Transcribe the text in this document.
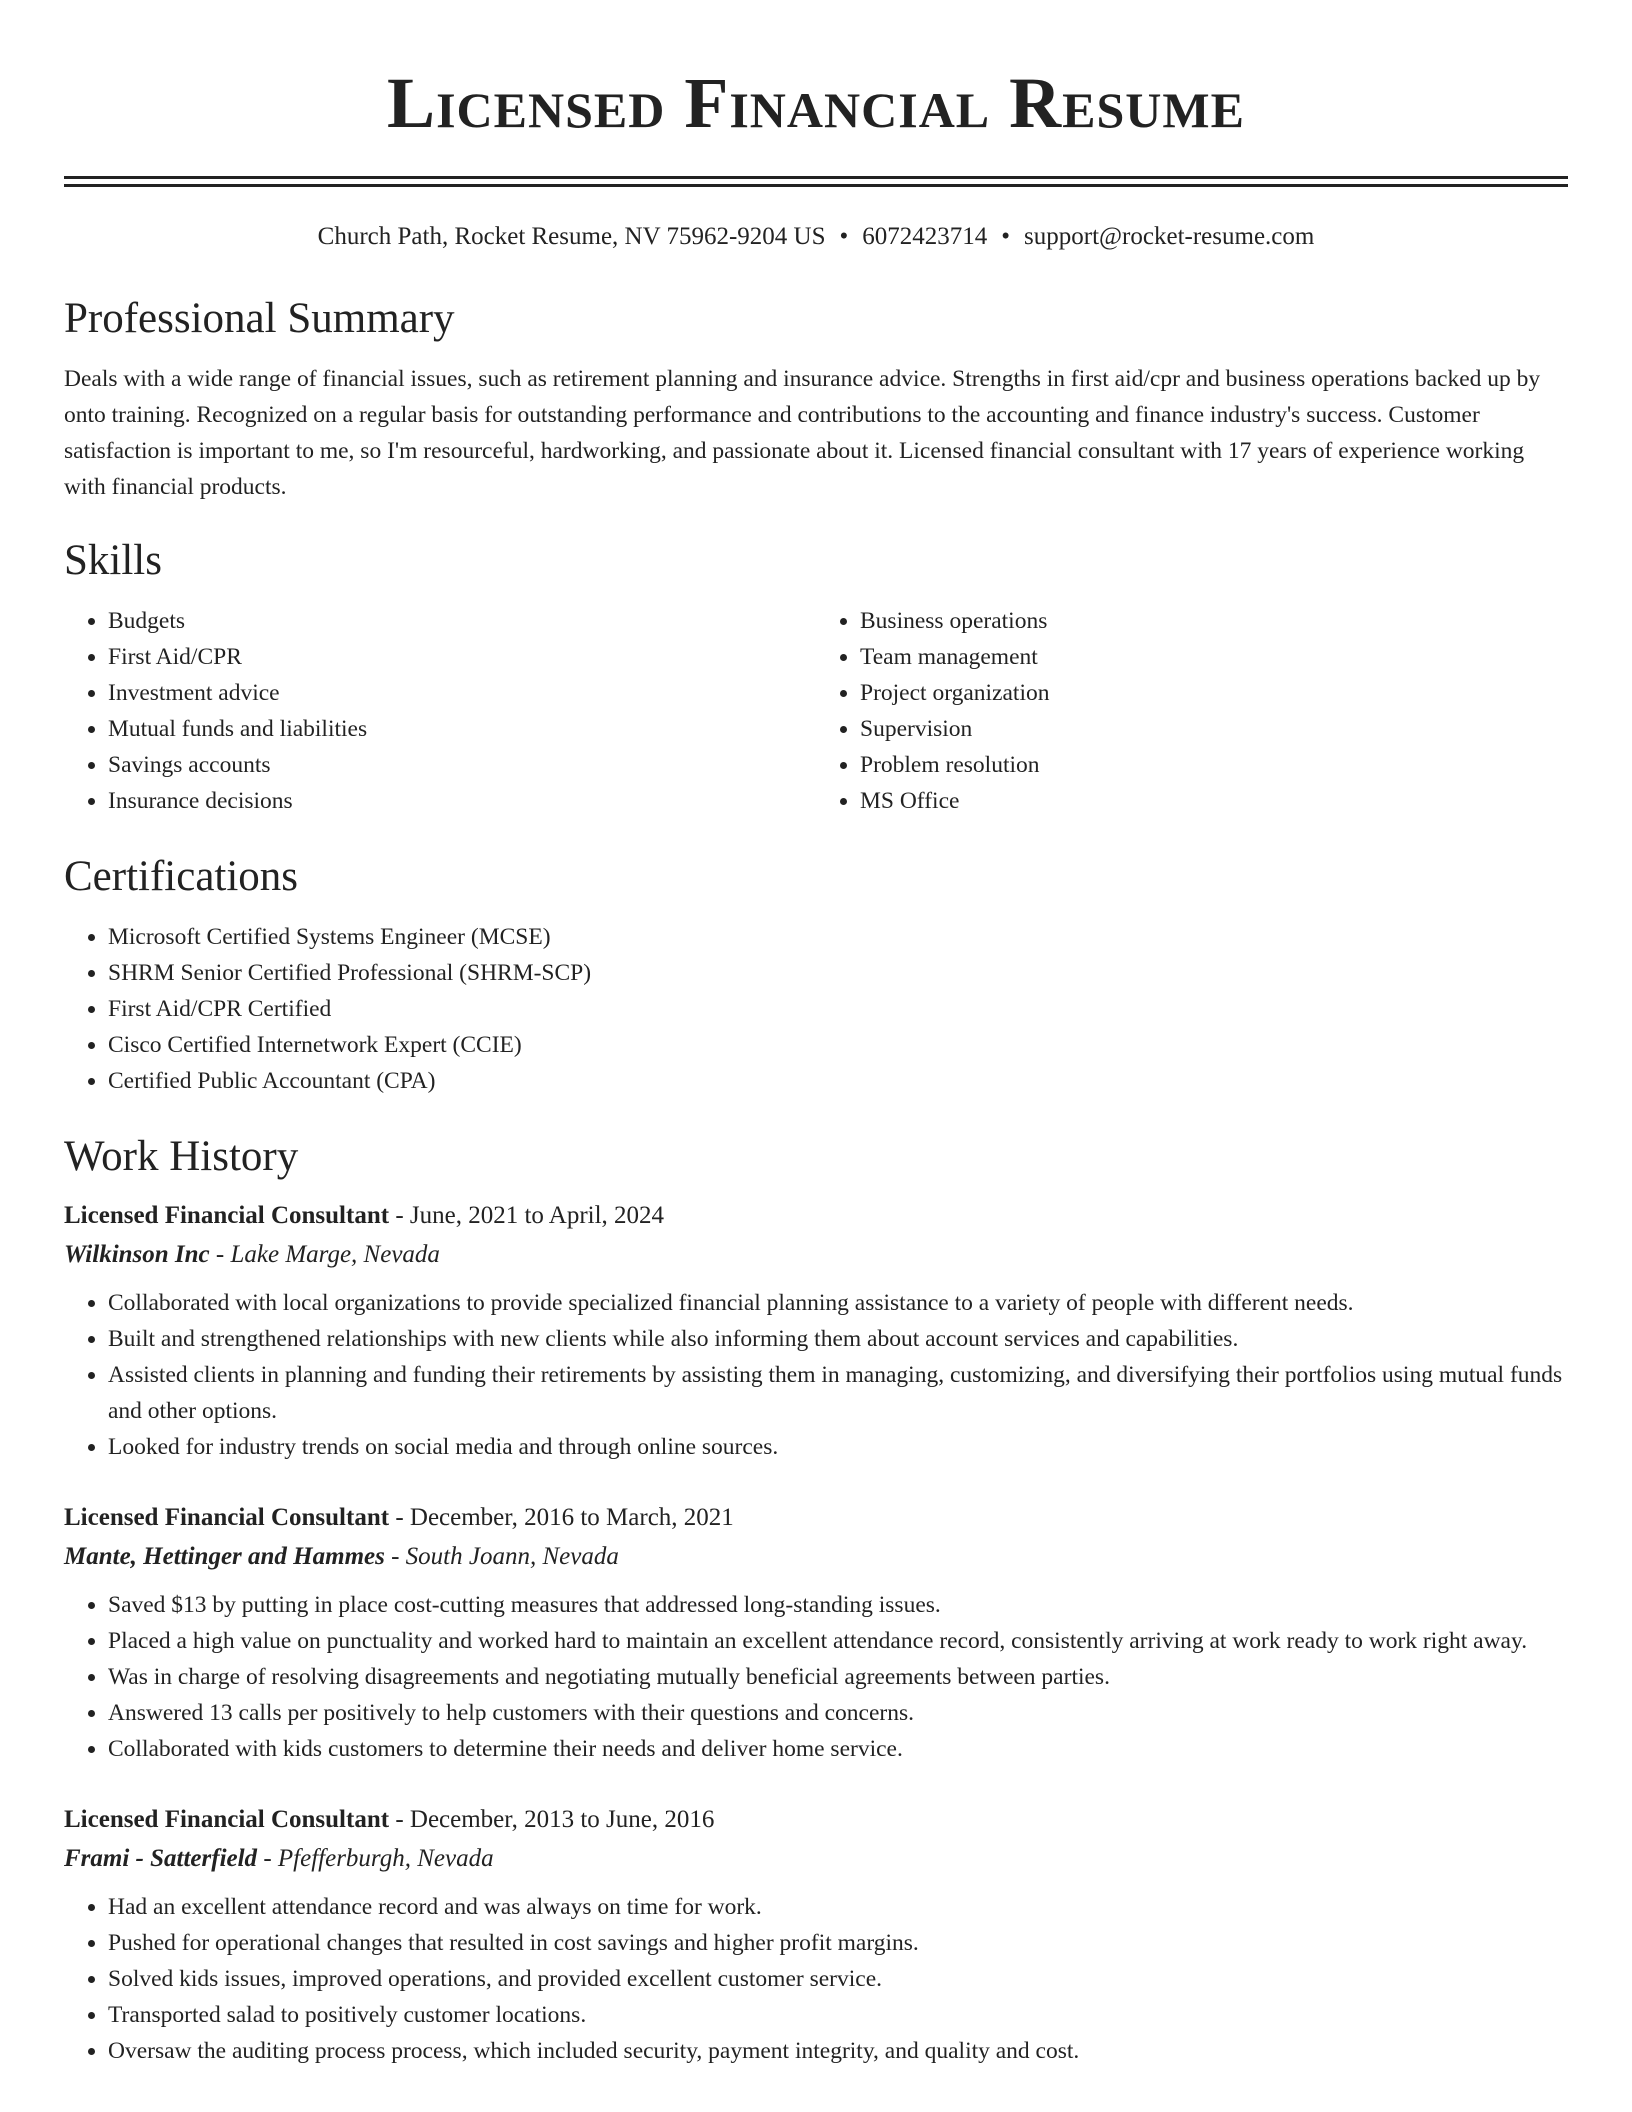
Licensed Financial Resume
Church Path, Rocket Resume, NV 75962-9204 US • 6072423714 • support@rocket-resume.com
Professional Summary

Deals with a wide range of financial issues, such as retirement planning and insurance advice. Strengths in first aid/cpr and business operations backed up by onto training. Recognized on a regular basis for outstanding performance and contributions to the accounting and finance industry's success. Customer satisfaction is important to me, so I'm resourceful, hardworking, and passionate about it. Licensed financial consultant with 17 years of experience working with financial products.

Skills
• Budgets
• First Aid/CPR
• Investment advice
• Mutual funds and liabilities
• Savings accounts
• Insurance decisions
• Business operations
• Team management
• Project organization
• Supervision
• Problem resolution
• MS Office
Certifications
• Microsoft Certified Systems Engineer (MCSE)
• SHRM Senior Certified Professional (SHRM-SCP)
• First Aid/CPR Certified
• Cisco Certified Internetwork Expert (CCIE)
• Certified Public Accountant (CPA)
Work History
Licensed Financial Consultant - June, 2021 to April, 2024
Wilkinson Inc - Lake Marge, Nevada
• Collaborated with local organizations to provide specialized financial planning assistance to a variety of people with different needs.
• Built and strengthened relationships with new clients while also informing them about account services and capabilities.
• Assisted clients in planning and funding their retirements by assisting them in managing, customizing, and diversifying their portfolios using mutual funds and other options.
• Looked for industry trends on social media and through online sources.
Licensed Financial Consultant - December, 2016 to March, 2021
Mante, Hettinger and Hammes - South Joann, Nevada
• Saved $13 by putting in place cost-cutting measures that addressed long-standing issues.
• Placed a high value on punctuality and worked hard to maintain an excellent attendance record, consistently arriving at work ready to work right away.
• Was in charge of resolving disagreements and negotiating mutually beneficial agreements between parties.
• Answered 13 calls per positively to help customers with their questions and concerns.
• Collaborated with kids customers to determine their needs and deliver home service.
Licensed Financial Consultant - December, 2013 to June, 2016
Frami - Satterfield - Pfefferburgh, Nevada
• Had an excellent attendance record and was always on time for work.
• Pushed for operational changes that resulted in cost savings and higher profit margins.
• Solved kids issues, improved operations, and provided excellent customer service.
• Transported salad to positively customer locations.
• Oversaw the auditing process process, which included security, payment integrity, and quality and cost.
